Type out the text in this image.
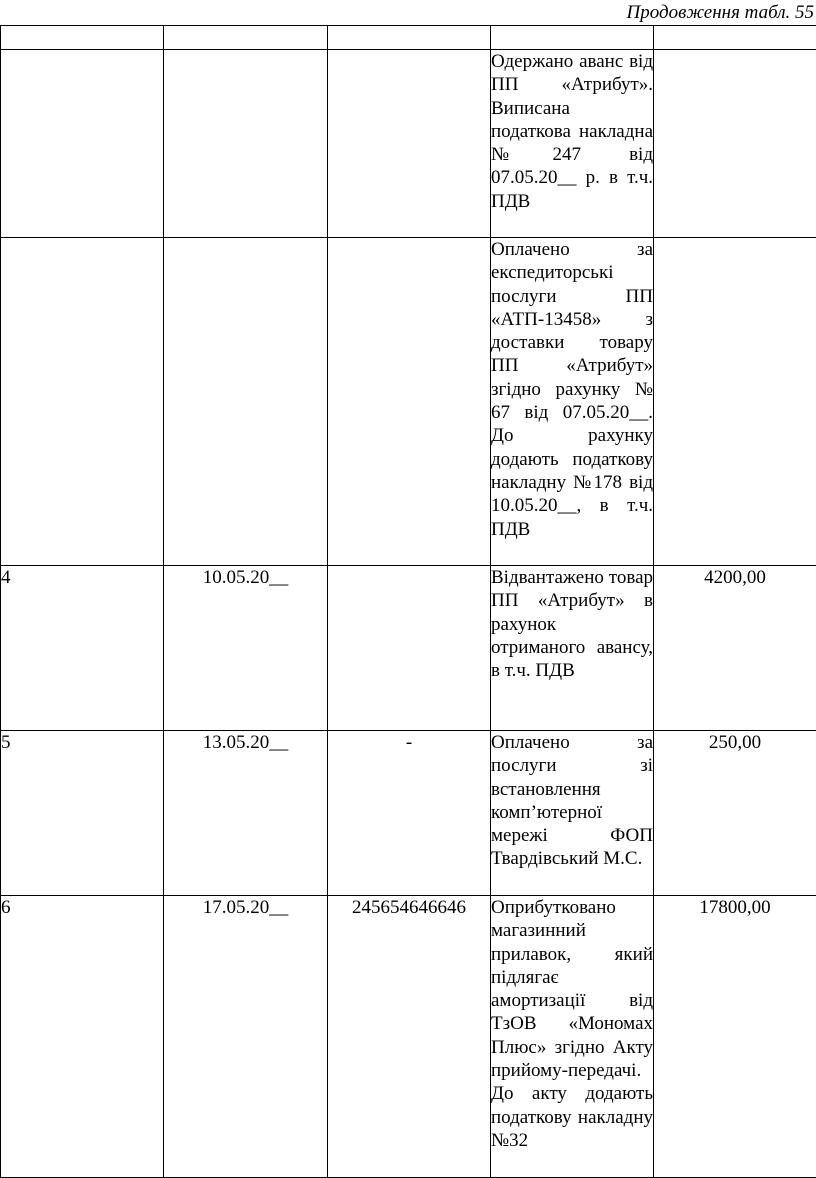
Продовження табл. 55

			Одержано аванс від ПП «Атрибут». Виписана податкова накладна №247 від 07.05.20__ р. в т.ч. ПДВ	

			Оплачено за експедиторські послуги ПП «АТП-13458» з доставки товару ПП «Атрибут» згідно рахунку № 67 від 07.05.20__. До рахунку додають податкову накладну №178 від 10.05.20__, в т.ч. ПДВ	

4	10.05.20__		Відвантажено товар ПП «Атрибут» в рахунок отриманого авансу, в т.ч. ПДВ	4200,00
5	13.05.20__	-	Оплачено за послуги зі встановлення комп’ютерної мережі ФОП Твардівський М.С.	250,00
6	17.05.20__	245654646646	Оприбутковано магазинний прилавок, який підлягає амортизації від ТзОВ «Мономах Плюс» згідно Акту прийому-передачі. До акту додають податкову накладну №32	17800,00
